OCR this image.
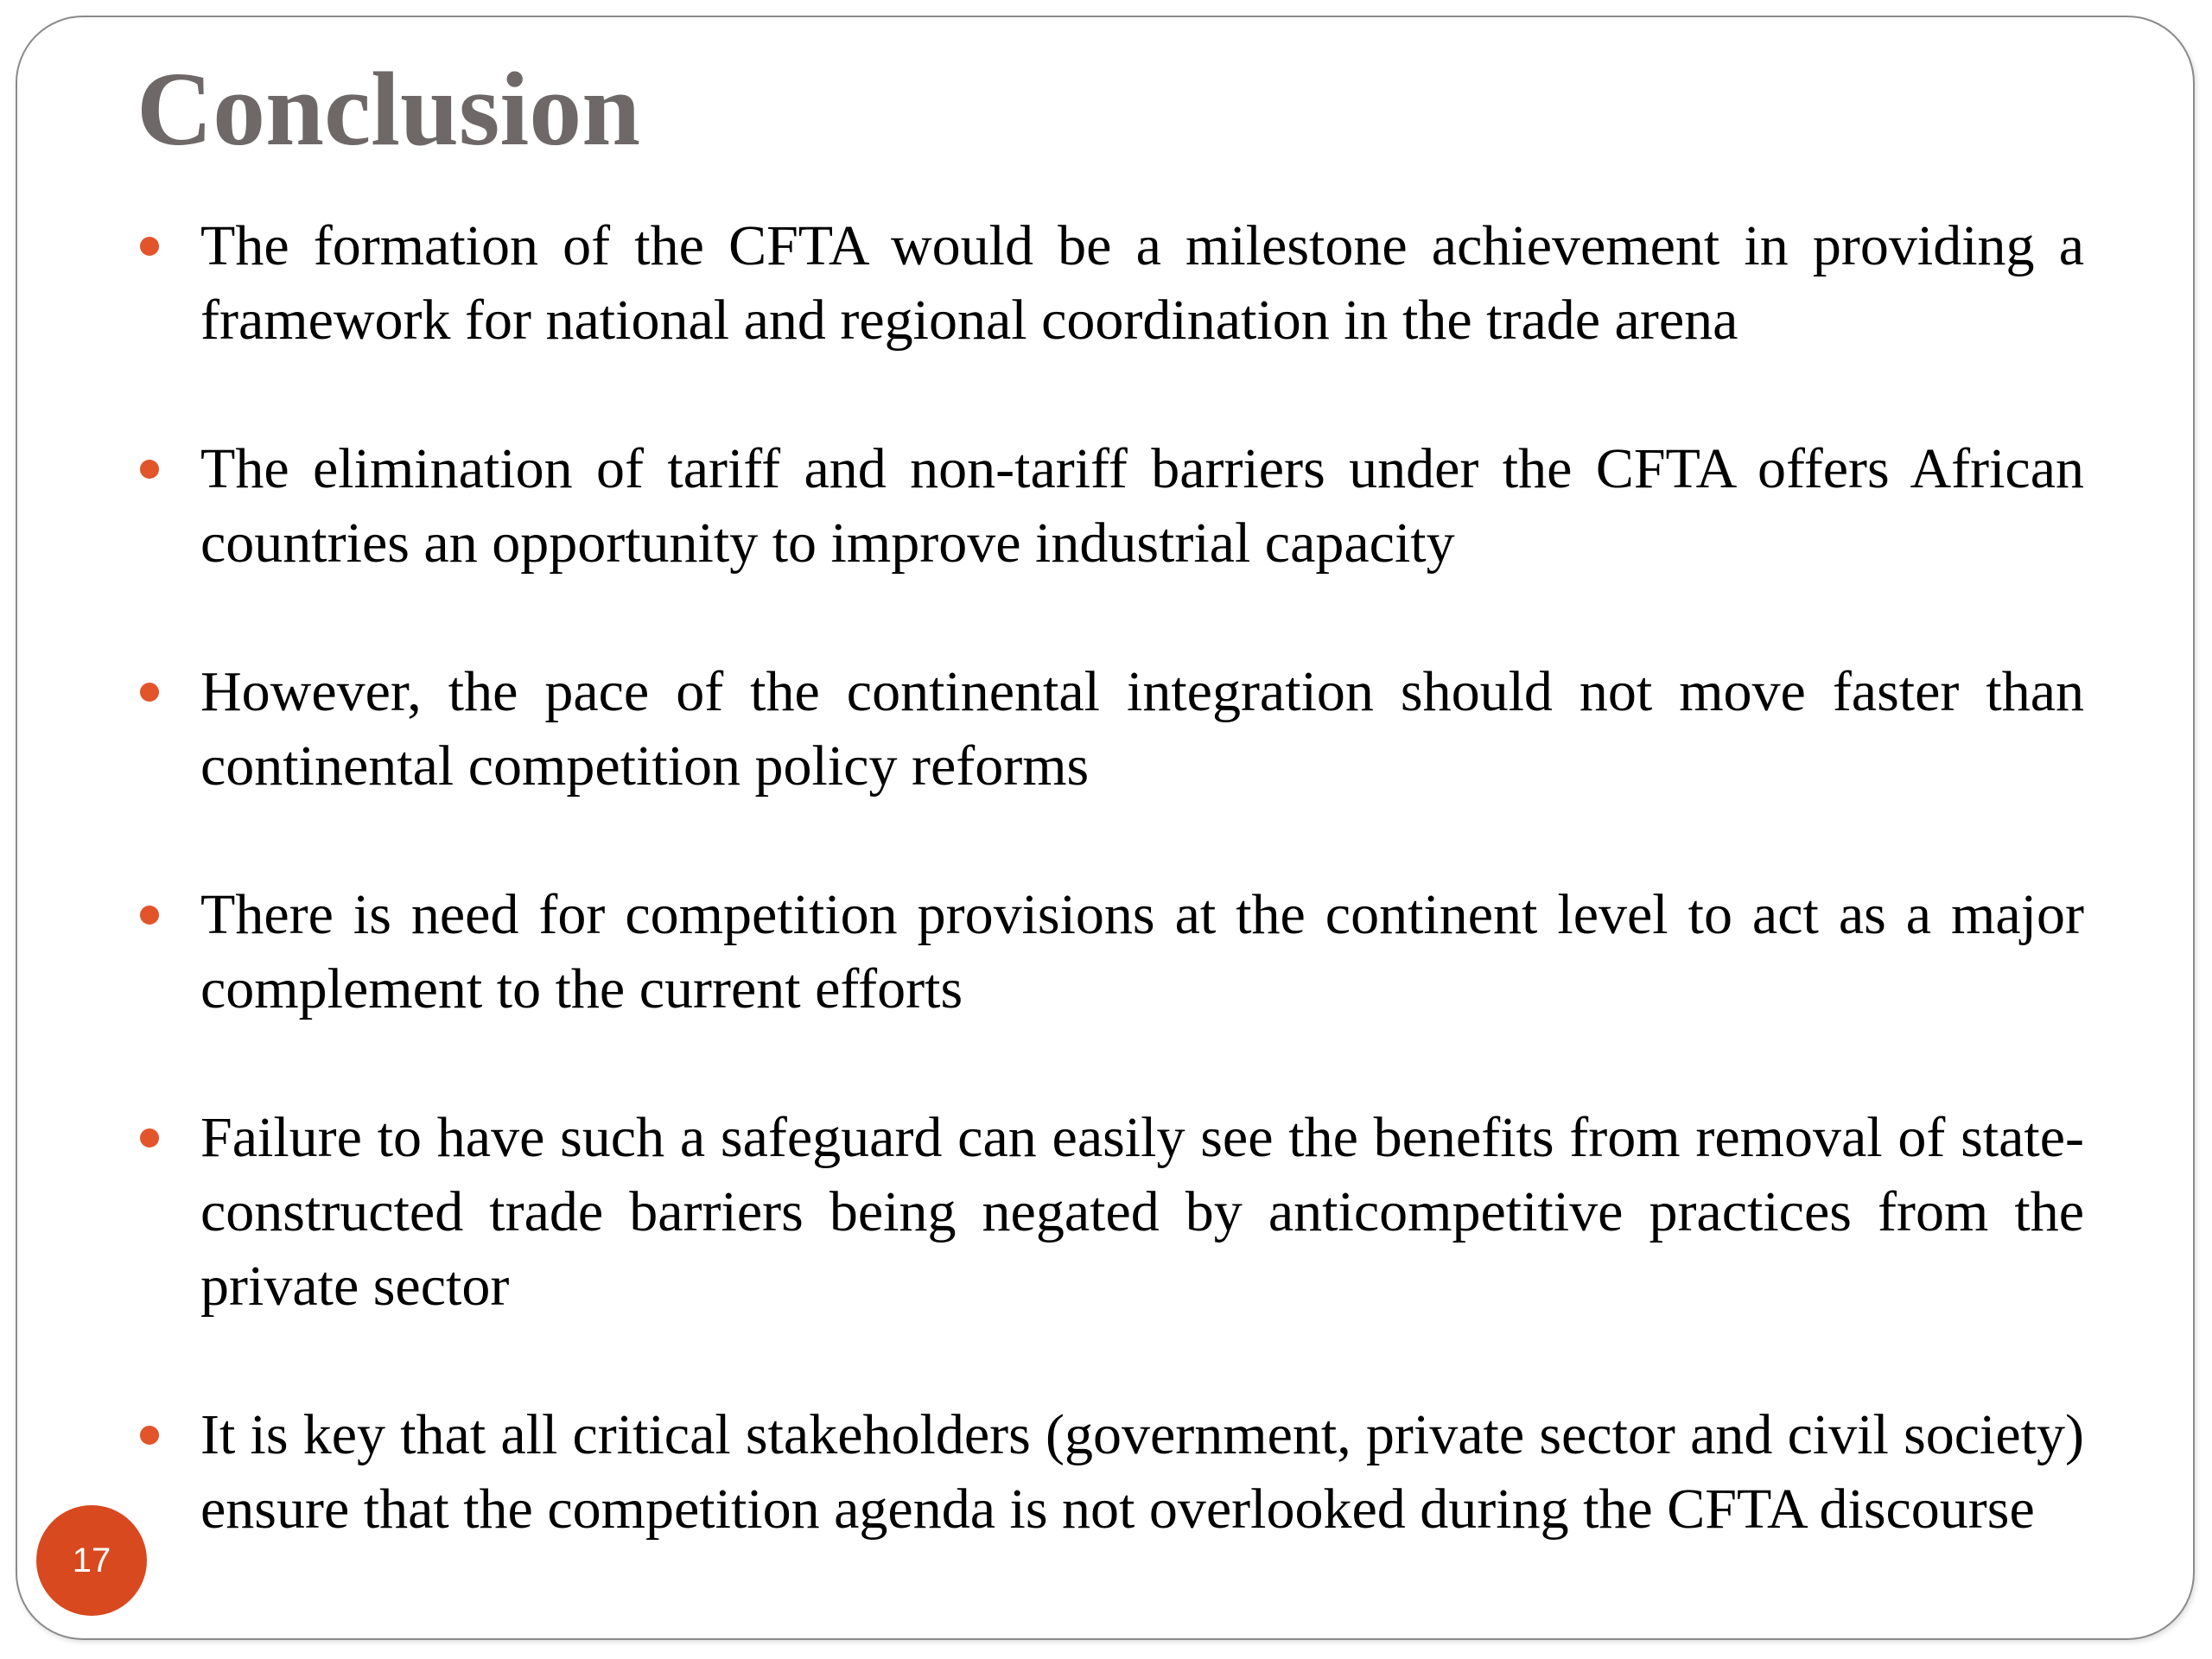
Conclusion
The formation of the CFTA would be a milestone achievement in providing a framework for national and regional coordination in the trade arena
The elimination of tariff and non-tariff barriers under the CFTA offers African countries an opportunity to improve industrial capacity
However, the pace of the continental integration should not move faster than continental competition policy reforms
There is need for competition provisions at the continent level to act as a major complement to the current efforts
Failure to have such a safeguard can easily see the benefits from removal of state-constructed trade barriers being negated by anticompetitive practices from the private sector
It is key that all critical stakeholders (government, private sector and civil society) ensure that the competition agenda is not overlooked during the CFTA discourse
17
